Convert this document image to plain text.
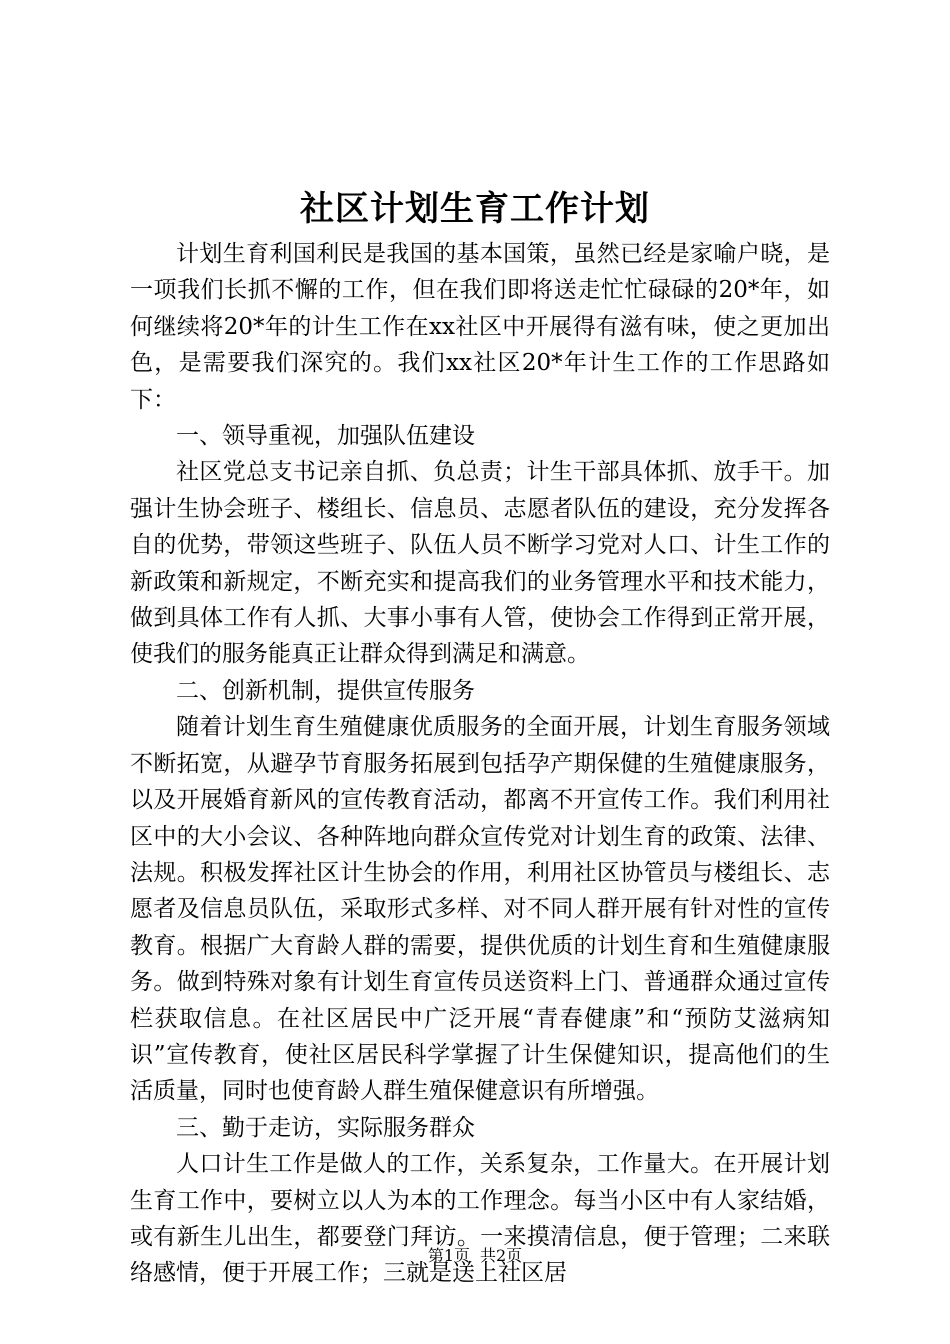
社区计划生育工作计划

计划生育利国利民是我国的基本国策，虽然已经是家喻户晓，是一项我们长抓不懈的工作，但在我们即将送走忙忙碌碌的20*年，如何继续将20*年的计生工作在xx社区中开展得有滋有味，使之更加出色，是需要我们深究的。我们xx社区20*年计生工作的工作思路如下：

一、领导重视，加强队伍建设

社区党总支书记亲自抓、负总责；计生干部具体抓、放手干。加强计生协会班子、楼组长、信息员、志愿者队伍的建设，充分发挥各自的优势，带领这些班子、队伍人员不断学习党对人口、计生工作的新政策和新规定，不断充实和提高我们的业务管理水平和技术能力，做到具体工作有人抓、大事小事有人管，使协会工作得到正常开展，使我们的服务能真正让群众得到满足和满意。

二、创新机制，提供宣传服务

随着计划生育生殖健康优质服务的全面开展，计划生育服务领域不断拓宽，从避孕节育服务拓展到包括孕产期保健的生殖健康服务，以及开展婚育新风的宣传教育活动，都离不开宣传工作。我们利用社区中的大小会议、各种阵地向群众宣传党对计划生育的政策、法律、法规。积极发挥社区计生协会的作用，利用社区协管员与楼组长、志愿者及信息员队伍，采取形式多样、对不同人群开展有针对性的宣传教育。根据广大育龄人群的需要，提供优质的计划生育和生殖健康服务。做到特殊对象有计划生育宣传员送资料上门、普通群众通过宣传栏获取信息。在社区居民中广泛开展“青春健康”和“预防艾滋病知识”宣传教育，使社区居民科学掌握了计生保健知识，提高他们的生活质量，同时也使育龄人群生殖保健意识有所增强。

三、勤于走访，实际服务群众

人口计生工作是做人的工作，关系复杂，工作量大。在开展计划生育工作中，要树立以人为本的工作理念。每当小区中有人家结婚，或有新生儿出生，都要登门拜访。一来摸清信息，便于管理；二来联络感情，便于开展工作；三就是送上社区居

第1页 共2页
